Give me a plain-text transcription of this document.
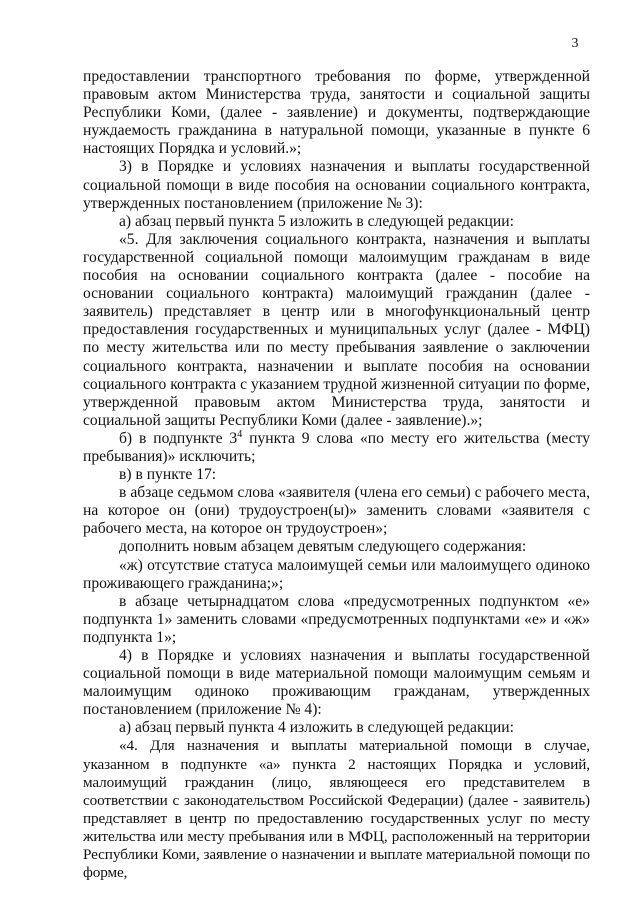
3

предоставлении транспортного требования по форме, утвержденной правовым актом Министерства труда, занятости и социальной защиты Республики Коми, (далее - заявление) и документы, подтверждающие нуждаемость гражданина в натуральной помощи, указанные в пункте 6 настоящих Порядка и условий.»;

3) в Порядке и условиях назначения и выплаты государственной социальной помощи в виде пособия на основании социального контракта, утвержденных постановлением (приложение № 3):

а) абзац первый пункта 5 изложить в следующей редакции:

«5. Для заключения социального контракта, назначения и выплаты государственной социальной помощи малоимущим гражданам в виде пособия на основании социального контракта (далее - пособие на основании социального контракта) малоимущий гражданин (далее - заявитель) представляет в центр или в многофункциональный центр предоставления государственных и муниципальных услуг (далее - МФЦ) по месту жительства или по месту пребывания заявление о заключении социального контракта, назначении и выплате пособия на основании социального контракта с указанием трудной жизненной ситуации по форме, утвержденной правовым актом Министерства труда, занятости и социальной защиты Республики Коми (далее - заявление).»;

б) в подпункте $3^4$ пункта 9 слова «по месту его жительства (месту пребывания)» исключить;

в) в пункте 17:

в абзаце седьмом слова «заявителя (члена его семьи) с рабочего места, на которое он (они) трудоустроен(ы)» заменить словами «заявителя с рабочего места, на которое он трудоустроен»;

дополнить новым абзацем девятым следующего содержания:

«ж) отсутствие статуса малоимущей семьи или малоимущего одиноко проживающего гражданина;»;

в абзаце четырнадцатом слова «предусмотренных подпунктом «е» подпункта 1» заменить словами «предусмотренных подпунктами «е» и «ж» подпункта 1»;

4) в Порядке и условиях назначения и выплаты государственной социальной помощи в виде материальной помощи малоимущим семьям и малоимущим одиноко проживающим гражданам, утвержденных постановлением (приложение № 4):

а) абзац первый пункта 4 изложить в следующей редакции:

«4. Для назначения и выплаты материальной помощи в случае, указанном в подпункте «а» пункта 2 настоящих Порядка и условий, малоимущий гражданин (лицо, являющееся его представителем в соответствии с законодательством Российской Федерации) (далее - заявитель) представляет в центр по предоставлению государственных услуг по месту жительства или месту пребывания или в МФЦ, расположенный на территории Республики Коми, заявление о назначении и выплате материальной помощи по форме,
